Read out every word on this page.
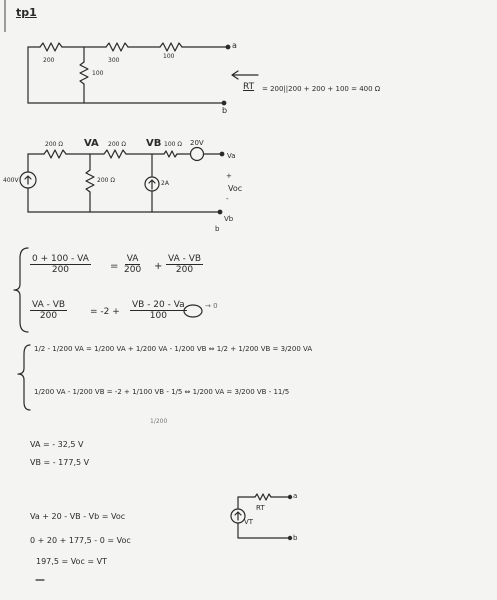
tp1
200	300
100
100
a
b
RT = 200||200 + 200 + 100 = 400 Ω
200 Ω VA 200 Ω VB 100 Ω 20V
400V	200 Ω	2A
Va
+
Voc
-
Vb
b
$\frac{0 + 100 - VA}{200} = \frac{VA}{200} + \frac{VA - VB}{200}$
$\frac{VA - VB}{200}$	= $-2 + \frac{VB - 20 - Va}{100}$	→ 0
1/2 - 1/200 VA = 1/200 VA + 1/200 VA - 1/200 VB ⇔ 1/2 + 1/200 VB = 3/200 VA
1/200 VA - 1/200 VB = -2 + 1/100 VB - 1/5 ⇔ 1/200 VA = 3/200 VB - 11/5
1/200
VA = - 32,5 V
VB = - 177,5 V
Va + 20 - VB - Vb = Voc
0 + 20 + 177,5 - 0 = Voc
197,5 = Voc = VT
RT
VT
a
b
